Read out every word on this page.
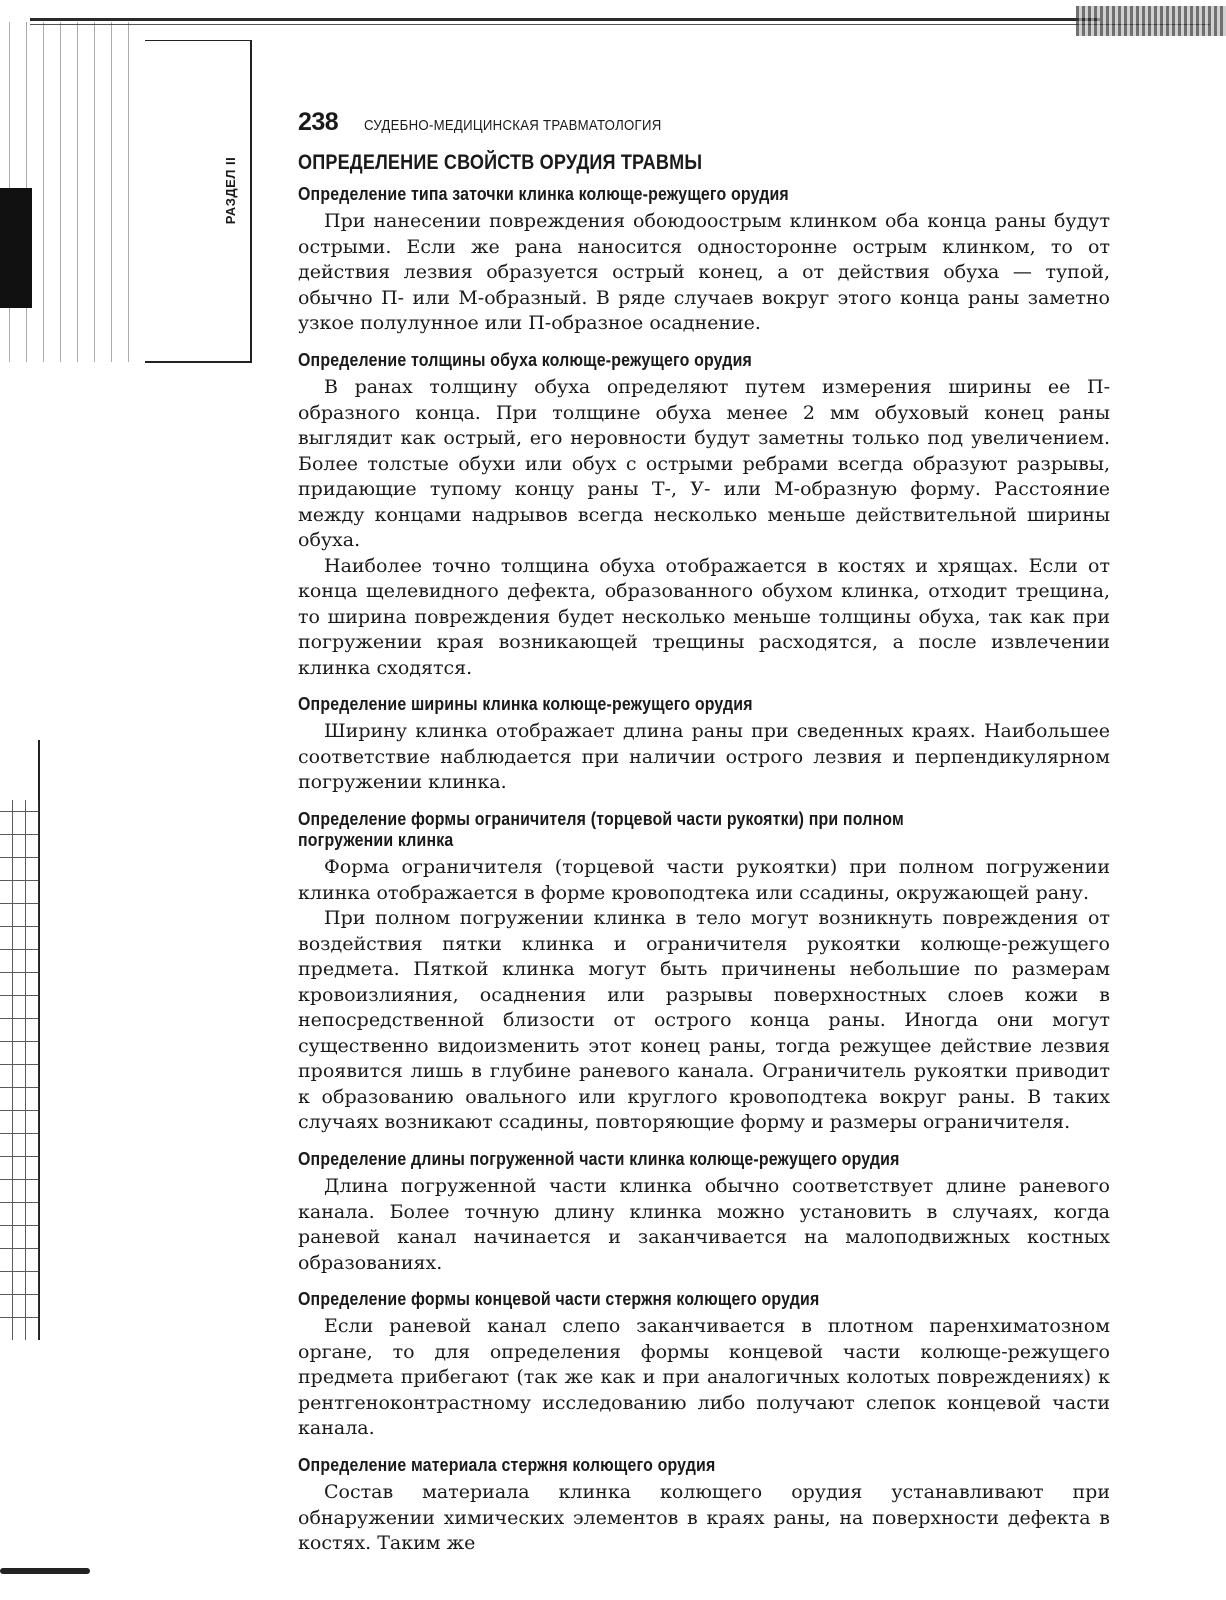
РАЗДЕЛ II
238 СУДЕБНО-МЕДИЦИНСКАЯ ТРАВМАТОЛОГИЯ
ОПРЕДЕЛЕНИЕ СВОЙСТВ ОРУДИЯ ТРАВМЫ
Определение типа заточки клинка колюще-режущего орудия

При нанесении повреждения обоюдоострым клинком оба конца раны будут острыми. Если же рана наносится односторонне острым клинком, то от действия лезвия образуется острый конец, а от действия обуха — тупой, обычно П- или М-образный. В ряде случаев вокруг этого конца раны заметно узкое полулунное или П-образное осаднение.

Определение толщины обуха колюще-режущего орудия

В ранах толщину обуха определяют путем измерения ширины ее П-образного конца. При толщине обуха менее 2 мм обуховый конец раны выглядит как острый, его неровности будут заметны только под увеличением. Более толстые обухи или обух с острыми ребрами всегда образуют разрывы, придающие тупому концу раны Т-, У- или М-образную форму. Расстояние между концами надрывов всегда несколько меньше действительной ширины обуха.

Наиболее точно толщина обуха отображается в костях и хрящах. Если от конца щелевидного дефекта, образованного обухом клинка, отходит трещина, то ширина повреждения будет несколько меньше толщины обуха, так как при погружении края возникающей трещины расходятся, а после извлечении клинка сходятся.

Определение ширины клинка колюще-режущего орудия

Ширину клинка отображает длина раны при сведенных краях. Наибольшее соответствие наблюдается при наличии острого лезвия и перпендикулярном погружении клинка.

Определение формы ограничителя (торцевой части рукоятки) при полном погружении клинка

Форма ограничителя (торцевой части рукоятки) при полном погружении клинка отображается в форме кровоподтека или ссадины, окружающей рану.

При полном погружении клинка в тело могут возникнуть повреждения от воздействия пятки клинка и ограничителя рукоятки колюще-режущего предмета. Пяткой клинка могут быть причинены небольшие по размерам кровоизлияния, осаднения или разрывы поверхностных слоев кожи в непосредственной близости от острого конца раны. Иногда они могут существенно видоизменить этот конец раны, тогда режущее действие лезвия проявится лишь в глубине раневого канала. Ограничитель рукоятки приводит к образованию овального или круглого кровоподтека вокруг раны. В таких случаях возникают ссадины, повторяющие форму и размеры ограничителя.

Определение длины погруженной части клинка колюще-режущего орудия

Длина погруженной части клинка обычно соответствует длине раневого канала. Более точную длину клинка можно установить в случаях, когда раневой канал начинается и заканчивается на малоподвижных костных образованиях.

Определение формы концевой части стержня колющего орудия

Если раневой канал слепо заканчивается в плотном паренхиматозном органе, то для определения формы концевой части колюще-режущего предмета прибегают (так же как и при аналогичных колотых повреждениях) к рентгеноконтрастному исследованию либо получают слепок концевой части канала.

Определение материала стержня колющего орудия

Состав материала клинка колющего орудия устанавливают при обнаружении химических элементов в краях раны, на поверхности дефекта в костях. Таким же
